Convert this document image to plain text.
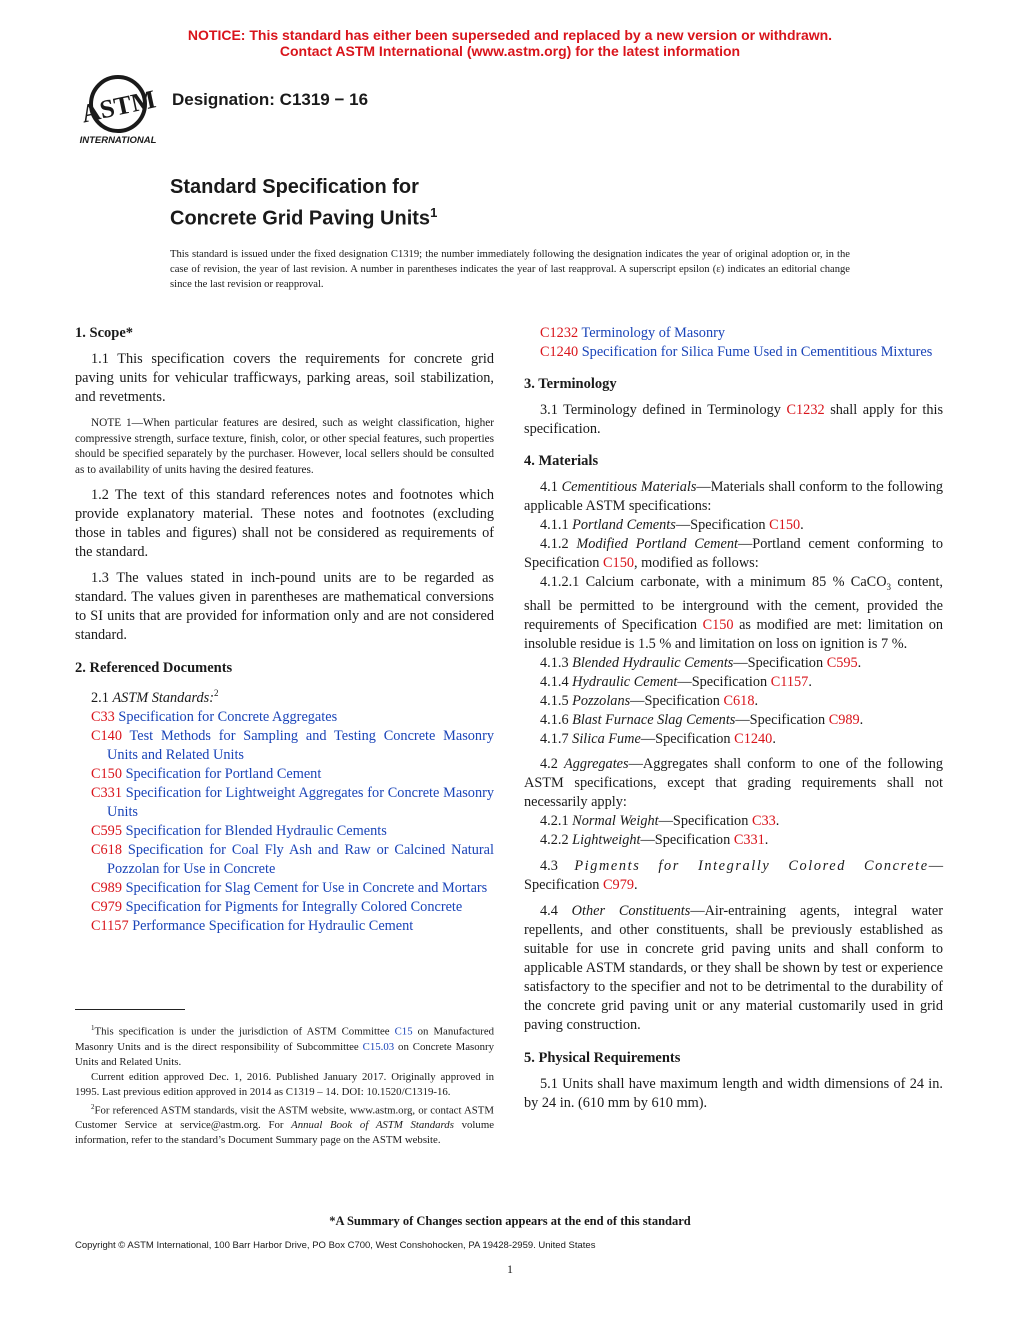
NOTICE: This standard has either been superseded and replaced by a new version or withdrawn.
Contact ASTM International (www.astm.org) for the latest information
ASTM
INTERNATIONAL
Designation: C1319 − 16
Standard Specification for
Concrete Grid Paving Units$^1$
This standard is issued under the fixed designation C1319; the number immediately following the designation indicates the year of original adoption or, in the case of revision, the year of last revision. A number in parentheses indicates the year of last reapproval. A superscript epsilon (ε) indicates an editorial change since the last revision or reapproval.
1. Scope*
1.1 This specification covers the requirements for concrete grid paving units for vehicular trafficways, parking areas, soil stabilization, and revetments.
NOTE 1—When particular features are desired, such as weight classification, higher compressive strength, surface texture, finish, color, or other special features, such properties should be specified separately by the purchaser. However, local sellers should be consulted as to availability of units having the desired features.
1.2 The text of this standard references notes and footnotes which provide explanatory material. These notes and footnotes (excluding those in tables and figures) shall not be considered as requirements of the standard.
1.3 The values stated in inch-pound units are to be regarded as standard. The values given in parentheses are mathematical conversions to SI units that are provided for information only and are not considered standard.
2. Referenced Documents
2.1 ASTM Standards:$^2$
C33 Specification for Concrete Aggregates
C140 Test Methods for Sampling and Testing Concrete Masonry Units and Related Units
C150 Specification for Portland Cement
C331 Specification for Lightweight Aggregates for Concrete Masonry Units
C595 Specification for Blended Hydraulic Cements
C618 Specification for Coal Fly Ash and Raw or Calcined Natural Pozzolan for Use in Concrete
C989 Specification for Slag Cement for Use in Concrete and Mortars
C979 Specification for Pigments for Integrally Colored Concrete
C1157 Performance Specification for Hydraulic Cement
$^1$This specification is under the jurisdiction of ASTM Committee C15 on Manufactured Masonry Units and is the direct responsibility of Subcommittee C15.03 on Concrete Masonry Units and Related Units.
Current edition approved Dec. 1, 2016. Published January 2017. Originally approved in 1995. Last previous edition approved in 2014 as C1319 – 14. DOI: 10.1520/C1319-16.
$^2$For referenced ASTM standards, visit the ASTM website, www.astm.org, or contact ASTM Customer Service at service@astm.org. For Annual Book of ASTM Standards volume information, refer to the standard’s Document Summary page on the ASTM website.
C1232 Terminology of Masonry
C1240 Specification for Silica Fume Used in Cementitious Mixtures
3. Terminology
3.1 Terminology defined in Terminology C1232 shall apply for this specification.
4. Materials
4.1 Cementitious Materials—Materials shall conform to the following applicable ASTM specifications:
4.1.1 Portland Cements—Specification C150.
4.1.2 Modified Portland Cement—Portland cement conforming to Specification C150, modified as follows:
4.1.2.1 Calcium carbonate, with a minimum 85 % CaCO$_3$ content, shall be permitted to be interground with the cement, provided the requirements of Specification C150 as modified are met: limitation on insoluble residue is 1.5 % and limitation on loss on ignition is 7 %.
4.1.3 Blended Hydraulic Cements—Specification C595.
4.1.4 Hydraulic Cement—Specification C1157.
4.1.5 Pozzolans—Specification C618.
4.1.6 Blast Furnace Slag Cements—Specification C989.
4.1.7 Silica Fume—Specification C1240.
4.2 Aggregates—Aggregates shall conform to one of the following ASTM specifications, except that grading requirements shall not necessarily apply:
4.2.1 Normal Weight—Specification C33.
4.2.2 Lightweight—Specification C331.
4.3 Pigments for Integrally Colored Concrete—Specification C979.
4.4 Other Constituents—Air-entraining agents, integral water repellents, and other constituents, shall be previously established as suitable for use in concrete grid paving units and shall conform to applicable ASTM standards, or they shall be shown by test or experience satisfactory to the specifier and not to be detrimental to the durability of the concrete grid paving unit or any material customarily used in grid paving construction.
5. Physical Requirements
5.1 Units shall have maximum length and width dimensions of 24 in. by 24 in. (610 mm by 610 mm).
*A Summary of Changes section appears at the end of this standard
Copyright © ASTM International, 100 Barr Harbor Drive, PO Box C700, West Conshohocken, PA 19428-2959. United States
1
